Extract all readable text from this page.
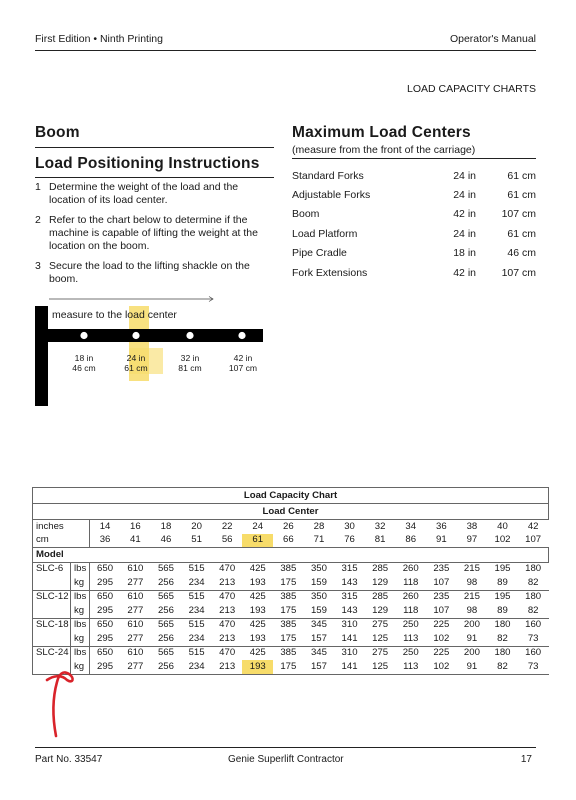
First Edition • Ninth Printing	Operator's Manual
LOAD CAPACITY CHARTS
Boom
Load Positioning Instructions
1 Determine the weight of the load and the location of its load center.
2 Refer to the chart below to determine if the machine is capable of lifting the weight at the location on the boom.
3 Secure the load to the lifting shackle on the boom.
measure to the load center
18 in
46 cm
24 in
61 cm
32 in
81 cm
42 in
107 cm
Maximum Load Centers
(measure from the front of the carriage)
Standard Forks	24 in	61 cm
Adjustable Forks	24 in	61 cm
Boom	42 in	107 cm
Load Platform	24 in	61 cm
Pipe Cradle	18 in	46 cm
Fork Extensions	42 in	107 cm
Load Capacity Chart																
Load Center																
inches		14	16	18	20	22	24	26	28	30	32	34	36	38	40	42
cm		36	41	46	51	56	61	66	71	76	81	86	91	97	102	107
Model																
SLC-6	lbs	650	610	565	515	470	425	385	350	315	285	260	235	215	195	180
	kg	295	277	256	234	213	193	175	159	143	129	118	107	98	89	82
SLC-12	lbs	650	610	565	515	470	425	385	350	315	285	260	235	215	195	180
	kg	295	277	256	234	213	193	175	159	143	129	118	107	98	89	82
SLC-18	lbs	650	610	565	515	470	425	385	345	310	275	250	225	200	180	160
	kg	295	277	256	234	213	193	175	157	141	125	113	102	91	82	73
SLC-24	lbs	650	610	565	515	470	425	385	345	310	275	250	225	200	180	160
	kg	295	277	256	234	213	193	175	157	141	125	113	102	91	82	73
Part No. 33547	Genie Superlift Contractor	17
